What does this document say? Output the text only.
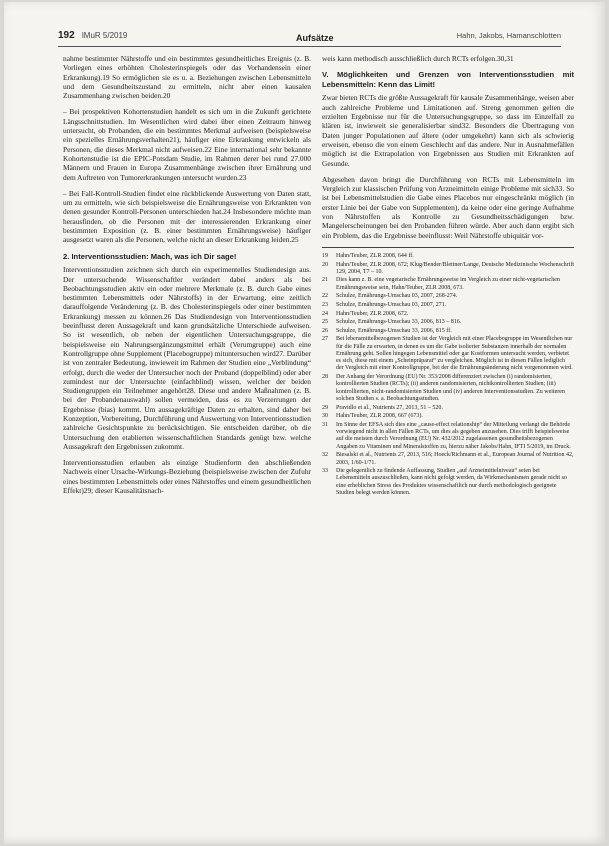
192 lMuR 5/2019	Aufsätze	Hahn, Jakobs, Hamanschlotten

nahme bestimmter Nährstoffe und ein bestimmtes gesundheitliches Ereignis (z. B. Vorliegen eines erhöhten Cholesterinspiegels oder das Vorhandensein einer Erkrankung).19 So ermöglichen sie es u. a. Beziehungen zwischen Lebensmitteln und dem Gesundheitszustand zu ermitteln, nicht aber einen kausalen Zusammenhang zwischen beiden.20

– Bei prospektiven Kohortenstudien handelt es sich um in die Zukunft gerichtete Längsschnittstudien. Im Wesentlichen wird dabei über einen Zeitraum hinweg untersucht, ob Probanden, die ein bestimmtes Merkmal aufweisen (beispielsweise ein spezielles Ernährungsverhalten21), häufiger eine Erkrankung entwickeln als Personen, die dieses Merkmal nicht aufweisen.22 Eine international sehr bekannte Kohortenstudie ist die EPIC-Potsdam Studie, im Rahmen derer bei rund 27.000 Männern und Frauen in Europa Zusammenhänge zwischen ihrer Ernährung und dem Auftreten von Tumorerkrankungen untersucht wurden.23

– Bei Fall-Kontroll-Studien findet eine rückblickende Auswertung von Daten statt, um zu ermitteln, wie sich beispielsweise die Ernährungsweise von Erkrankten von denen gesunder Kontroll-Personen unterschieden hat.24 Insbesondere möchte man herausfinden, ob die Personen mit der interessierenden Erkrankung einer bestimmten Exposition (z. B. einer bestimmten Ernährungsweise) häufiger ausgesetzt waren als die Personen, welche nicht an dieser Erkrankung leiden.25

2. Interventionsstudien: Mach, was ich Dir sage!

Interventionsstudien zeichnen sich durch ein experimentelles Studiendesign aus. Der untersuchende Wissenschaftler verändert dabei anders als bei Beobachtungsstudien aktiv ein oder mehrere Merkmale (z. B. durch Gabe eines bestimmten Lebensmittels oder Nährstoffs) in der Erwartung, eine zeitlich darauffolgende Veränderung (z. B. des Cholesterinspiegels oder einer bestimmten Erkrankung) messen zu können.26 Das Studiendesign von Interventionsstudien beeinflusst deren Aussagekraft und kann grundsätzliche Unterschiede aufweisen. So ist wesentlich, ob neben der eigentlichen Untersuchungsgruppe, die beispielsweise ein Nahrungsergänzungsmittel erhält (Verumgruppe) auch eine Kontrollgruppe ohne Supplement (Placebogruppe) mituntersuchen wird27. Darüber ist von zentraler Bedeutung, inwieweit im Rahmen der Studien eine „Verblindung“ erfolgt, durch die weder der Untersucher noch der Proband (doppelblind) oder aber zumindest nur der Untersuchte (einfachblind) wissen, welcher der beiden Studiengruppen ein Teilnehmer angehört28. Diese und andere Maßnahmen (z. B. bei der Probandenauswahl) sollen vermeiden, dass es zu Verzerrungen der Ergebnisse (bias) kommt. Um aussagekräftige Daten zu erhalten, sind daher bei Konzeption, Vorbereitung, Durchführung und Auswertung von Interventionsstudien zahlreiche Gesichtspunkte zu berücksichtigen. Sie entscheiden darüber, ob die Untersuchung den etablierten wissenschaftlichen Standards genügt bzw. welche Aussagekraft den Ergebnissen zukommt.

Interventionsstudien erlauben als einzige Studienform den abschließenden Nachweis einer Ursache-Wirkungs-Beziehung (beispielsweise zwischen der Zufuhr eines bestimmten Lebensmittels oder eines Nährstoffes und einem gesundheitlichen Effekt)29; dieser Kausalitätsnach-

weis kann methodisch ausschließlich durch RCTs erfolgen.30,31

V. Möglichkeiten und Grenzen von Interventionsstudien mit Lebensmitteln: Kenn das Limit!

Zwar bieten RCTs die größte Aussagekraft für kausale Zusammenhänge, weisen aber auch zahlreiche Probleme und Limitationen auf. Streng genommen gelten die erzielten Ergebnisse nur für die Untersuchungsgruppe, so dass im Einzelfall zu klären ist, inwieweit sie generalisierbar sind32. Besonders die Übertragung von Daten junger Populationen auf ältere (oder umgekehrt) kann sich als schwierig erweisen, ebenso die von einem Geschlecht auf das andere. Nur in Ausnahmefällen möglich ist die Extrapolation von Ergebnissen aus Studien mit Erkrankten auf Gesunde.

Abgesehen davon bringt die Durchführung von RCTs mit Lebensmitteln im Vergleich zur klassischen Prüfung von Arzneimitteln einige Probleme mit sich33. So ist bei Lebensmittelstudien die Gabe eines Placebos nur eingeschränkt möglich (in erster Linie bei der Gabe von Supplementen), da keine oder eine geringe Aufnahme von Nährstoffen als Kontrolle zu Gesundheitsschädigungen bzw. Mangelerscheinungen bei den Probanden führen würde. Aber auch dann ergibt sich ein Problem, das die Ergebnisse beeinflusst: Weil Nährstoffe ubiquitär vor-

19	Hahn/Teuber, ZLR 2008, 644 ff.
20	Hahn/Teuber, ZLR 2008, 672; Klug/Bender/Blettner/Lange, Deutsche Medizinische Wochenschrift 129, 2004, T7 – 10.
21	Dies kann z. B. eine vegetarische Ernährungsweise im Vergleich zu einer nicht-vegetarischen Ernährungsweise sein, Hahn/Teuber, ZLR 2008, 673.
22	Schulze, Ernährungs-Umschau 03, 2007, 268-274.
23	Schulze, Ernährungs-Umschau 03, 2007, 271.
24	Hahn/Teuber, ZLR 2008, 672.
25	Schulze, Ernährungs-Umschau 33, 2006, 813 – 816.
26	Schulze, Ernährungs-Umschau 33, 2006, 815 ff.
27	Bei lebensmittelbezogenen Studien ist der Vergleich mit einer Placebogruppe im Wesentlichen nur für die Fälle zu erwarten, in denen es um die Gabe isolierter Substanzen innerhalb der normalen Ernährung geht. Sollen hingegen Lebensmittel oder gar Kostformen untersucht werden, verbietet es sich, diese mit einem „Scheinpräparat“ zu vergleichen. Möglich ist in diesen Fällen lediglich der Vergleich mit einer Kontrollgruppe, bei der die Ernährungsänderung nicht vorgenommen wird.
28	Der Anhang der Verordnung (EU) Nr. 353/2008 differenziert zwischen (i) randomisierten, kontrollierten Studien (RCTs); (ii) anderen randomisierten, nichtkontrollierten Studien; (iii) kontrollierten, nicht-randomisierten Studien und (iv) anderen Interventionsstudien. Zu weiteren solchen Studien s. a. Beobachtungsstudien.
29	Pravidlo et al., Nutrients 27, 2013, 51 – 520.
30	Hahn/Teuber, ZLR 2008, 667 (673).
31	Im Sinne der EFSA sich dies eine „cause-effect relationship“ der Mitteilung verlangt die Behörde vorwiegend nicht in allen Fällen RCTs, um dies als gegeben anzusehen. Dies trifft beispielsweise auf die meisten durch Verordnung (EU) Nr. 432/2012 zugelassenen gesundheitsbezogenen Angaben zu Vitaminen und Mineralstoffen zu, hierzu näher Jakobs/Hahn, IFTI 5/2019, im Druck.
32	Biesalski et al., Nutrients 27, 2013, 516; Hoeck/Richmann et al., European Journal of Nutrition 42, 2003, 1/60-1/71.
33	Die gelegentlich zu findende Auffassung, Studien „auf Arzneimittelniveau“ seien bei Lebensmitteln auszuschließen, kann nicht gefolgt werden, da Wirkmechanismen gerade nicht so eine erheblichen Stress des Produktes wissenschaftlich nur durch methodologisch geeignete Studien belegt werden können.
